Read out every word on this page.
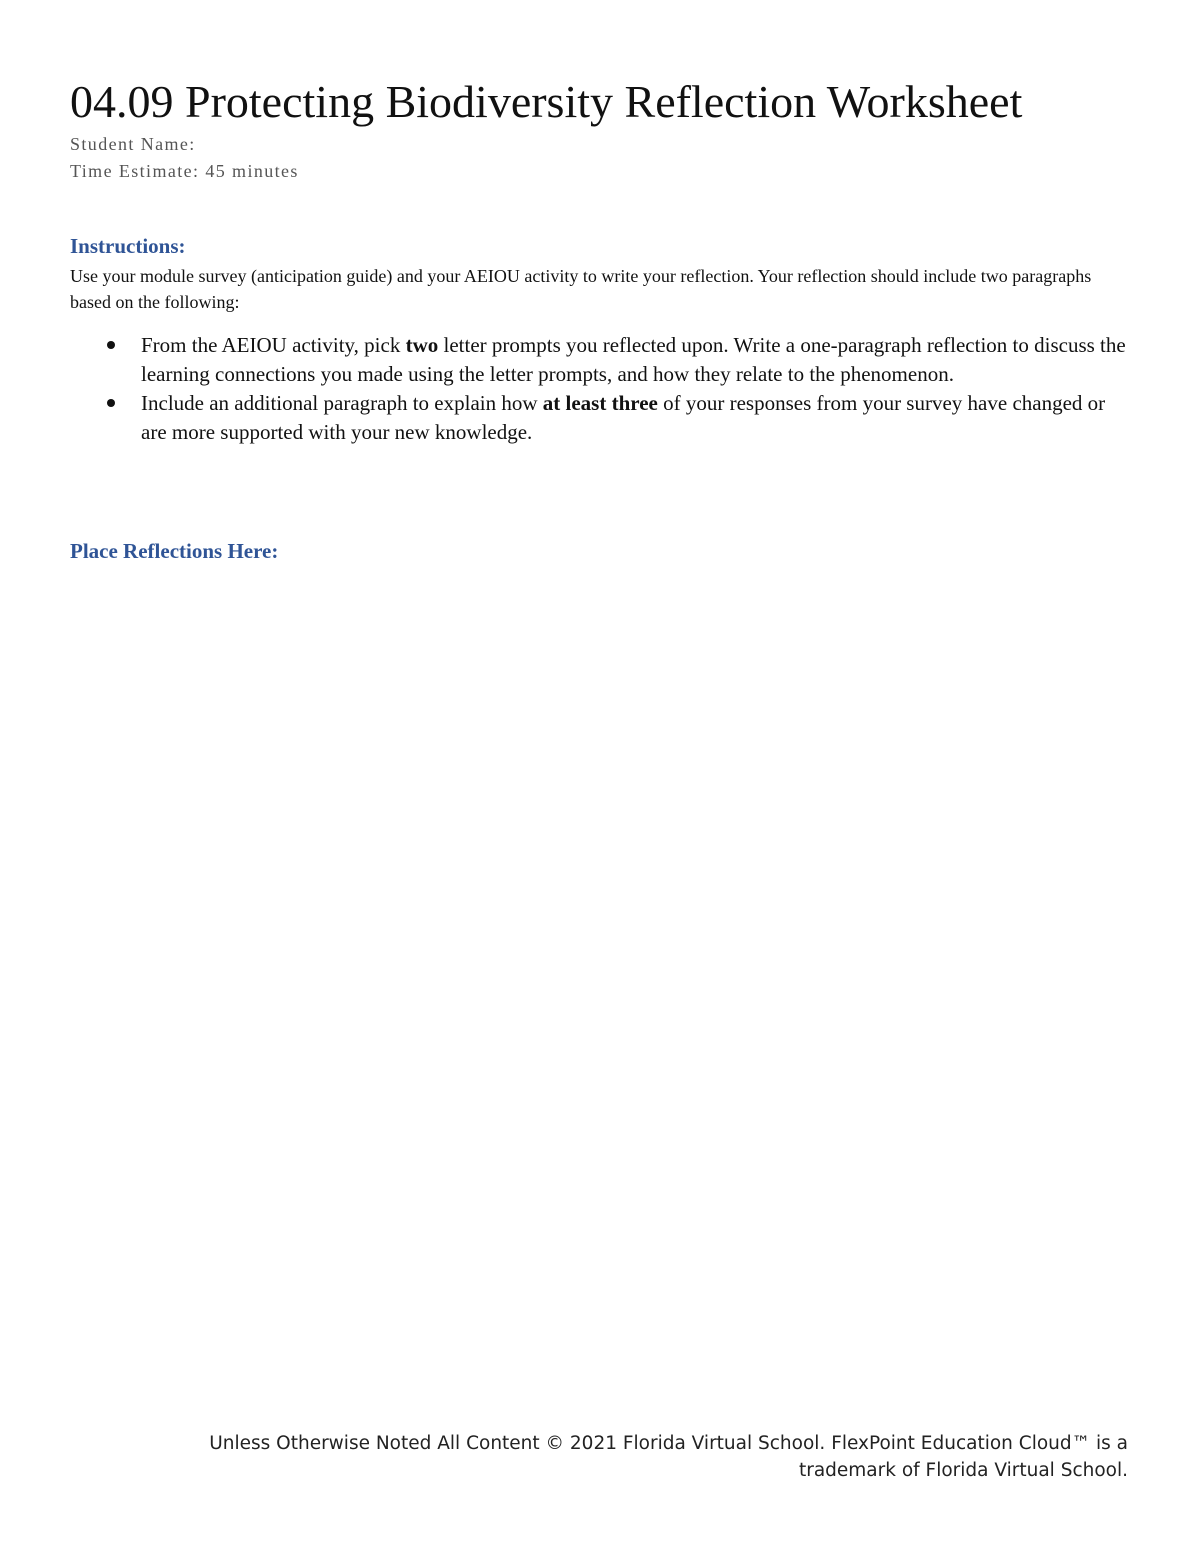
04.09 Protecting Biodiversity Reflection Worksheet
Student Name:
Time Estimate: 45 minutes
Instructions:

Use your module survey (anticipation guide) and your AEIOU activity to write your reflection. Your reflection should include two paragraphs based on the following:

From the AEIOU activity, pick two letter prompts you reflected upon. Write a one-paragraph reflection to discuss the learning connections you made using the letter prompts, and how they relate to the phenomenon.
Include an additional paragraph to explain how at least three of your responses from your survey have changed or are more supported with your new knowledge.
Place Reflections Here:
Unless Otherwise Noted All Content © 2021 Florida Virtual School. FlexPoint Education Cloud™ is a
trademark of Florida Virtual School.
